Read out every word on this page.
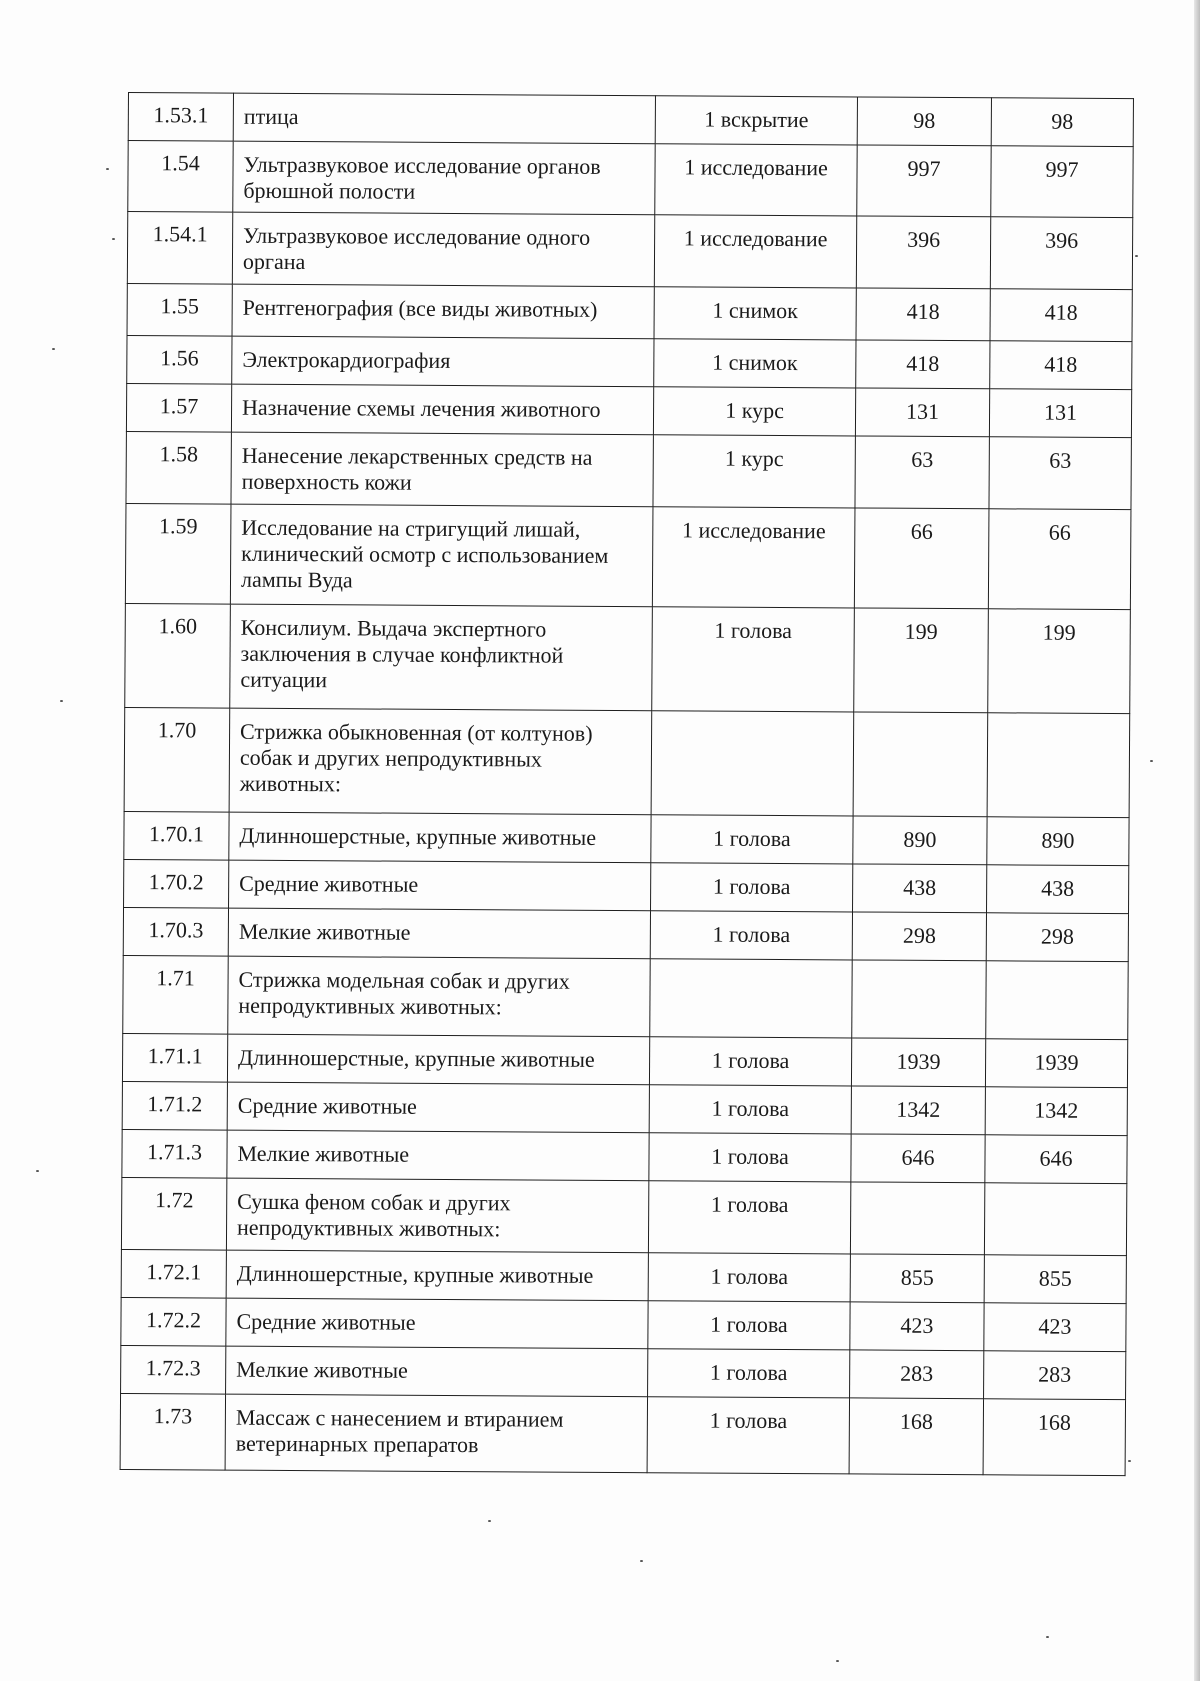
1.53.1	птица	1 вскрытие	98	98
1.54	Ультразвуковое исследование органов брюшной полости	1 исследование	997	997
1.54.1	Ультразвуковое исследование одного органа	1 исследование	396	396
1.55	Рентгенография (все виды животных)	1 снимок	418	418
1.56	Электрокардиография	1 снимок	418	418
1.57	Назначение схемы лечения животного	1 курс	131	131
1.58	Нанесение лекарственных средств на поверхность кожи	1 курс	63	63
1.59	Исследование на стригущий лишай, клинический осмотр с использованием лампы Вуда	1 исследование	66	66
1.60	Консилиум. Выдача экспертного заключения в случае конфликтной ситуации	1 голова	199	199
1.70	Стрижка обыкновенная (от колтунов) собак и других непродуктивных животных:			
1.70.1	Длинношерстные, крупные животные	1 голова	890	890
1.70.2	Средние животные	1 голова	438	438
1.70.3	Мелкие животные	1 голова	298	298
1.71	Стрижка модельная собак и других непродуктивных животных:			
1.71.1	Длинношерстные, крупные животные	1 голова	1939	1939
1.71.2	Средние животные	1 голова	1342	1342
1.71.3	Мелкие животные	1 голова	646	646
1.72	Сушка феном собак и других непродуктивных животных:	1 голова		
1.72.1	Длинношерстные, крупные животные	1 голова	855	855
1.72.2	Средние животные	1 голова	423	423
1.72.3	Мелкие животные	1 голова	283	283
1.73	Массаж с нанесением и втиранием ветеринарных препаратов	1 голова	168	168
